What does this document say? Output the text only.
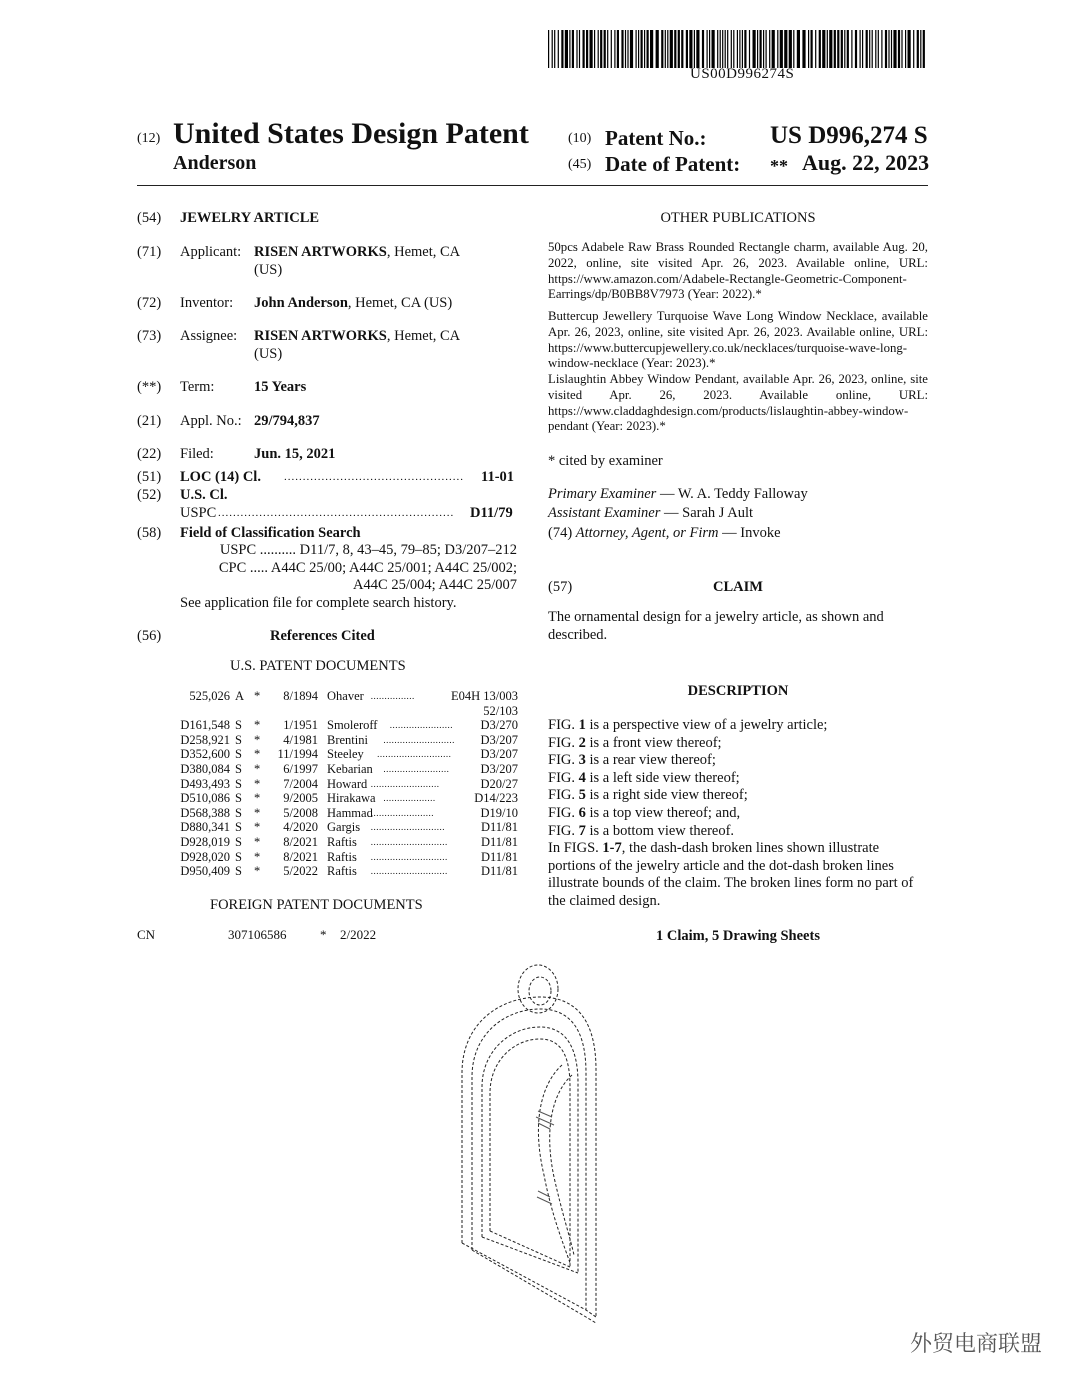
US00D996274S
(12) United States Design Patent
Anderson
(10) Patent No.:	US D996,274 S
(45) Date of Patent: ** Aug. 22, 2023
(54) JEWELRY ARTICLE
(71) Applicant: RISEN ARTWORKS, Hemet, CA
(US)
(72) Inventor: John Anderson, Hemet, CA (US)
(73) Assignee: RISEN ARTWORKS, Hemet, CA
(US)
(**) Term:	15 Years
(21) Appl. No.: 29/794,837
(22) Filed:	Jun. 15, 2021
(51) LOC (14) Cl. ................................................ 11-01
(52) U.S. Cl.
USPC ............................................................... D11/79
(58) Field of Classification Search
USPC .......... D11/7, 8, 43–45, 79–85; D3/207–212
CPC ..... A44C 25/00; A44C 25/001; A44C 25/002;
A44C 25/004; A44C 25/007
See application file for complete search history.
(56)	References Cited
U.S. PATENT DOCUMENTS
525,026 A *	8/1894 Ohaver	E04H 13/003
................
52/103
D161,548 S *	1/1951 Smoleroff	D3/270
.......................
D258,921 S *	4/1981 Brentini	D3/207
..........................
D352,600 S *	11/1994 Steeley	D3/207
...........................
D380,084 S *	6/1997 Kebarian	D3/207
........................
D493,493 S *	7/2004 Howard	D20/27
.........................
D510,086 S *	9/2005 Hirakawa	D14/223
...................
D568,388 S *	5/2008 Hammad	D19/10
.......................
D880,341 S *	4/2020 Gargis	D11/81
...........................
D928,019 S *	8/2021 Raftis	D11/81
............................
D928,020 S *	8/2021 Raftis	D11/81
............................
D950,409 S *	5/2022 Raftis	D11/81
............................
FOREIGN PATENT DOCUMENTS
CN	307106586	* 2/2022
OTHER PUBLICATIONS
50pcs Adabele Raw Brass Rounded Rectangle charm, available Aug. 20, 2022, online, site visited Apr. 26, 2023. Available online, URL: https://www.amazon.com/Adabele-Rectangle-Geometric-Component-Earrings/dp/B0BB8V7973 (Year: 2022).*
Buttercup Jewellery Turquoise Wave Long Window Necklace, available Apr. 26, 2023, online, site visited Apr. 26, 2023. Available online, URL: https://www.buttercupjewellery.co.uk/necklaces/turquoise-wave-long-window-necklace (Year: 2023).*
Lislaughtin Abbey Window Pendant, available Apr. 26, 2023, online, site visited Apr. 26, 2023. Available online, URL: https://www.claddaghdesign.com/products/lislaughtin-abbey-window-pendant (Year: 2023).*
* cited by examiner
Primary Examiner — W. A. Teddy Falloway
Assistant Examiner — Sarah J Ault
(74) Attorney, Agent, or Firm — Invoke
(57)	CLAIM
The ornamental design for a jewelry article, as shown and described.
DESCRIPTION
FIG. 1 is a perspective view of a jewelry article;
FIG. 2 is a front view thereof;
FIG. 3 is a rear view thereof;
FIG. 4 is a left side view thereof;
FIG. 5 is a right side view thereof;
FIG. 6 is a top view thereof; and,
FIG. 7 is a bottom view thereof.
In FIGS. 1-7, the dash-dash broken lines shown illustrate portions of the jewelry article and the dot-dash broken lines illustrate bounds of the claim. The broken lines form no part of the claimed design.
1 Claim, 5 Drawing Sheets
外贸电商联盟
